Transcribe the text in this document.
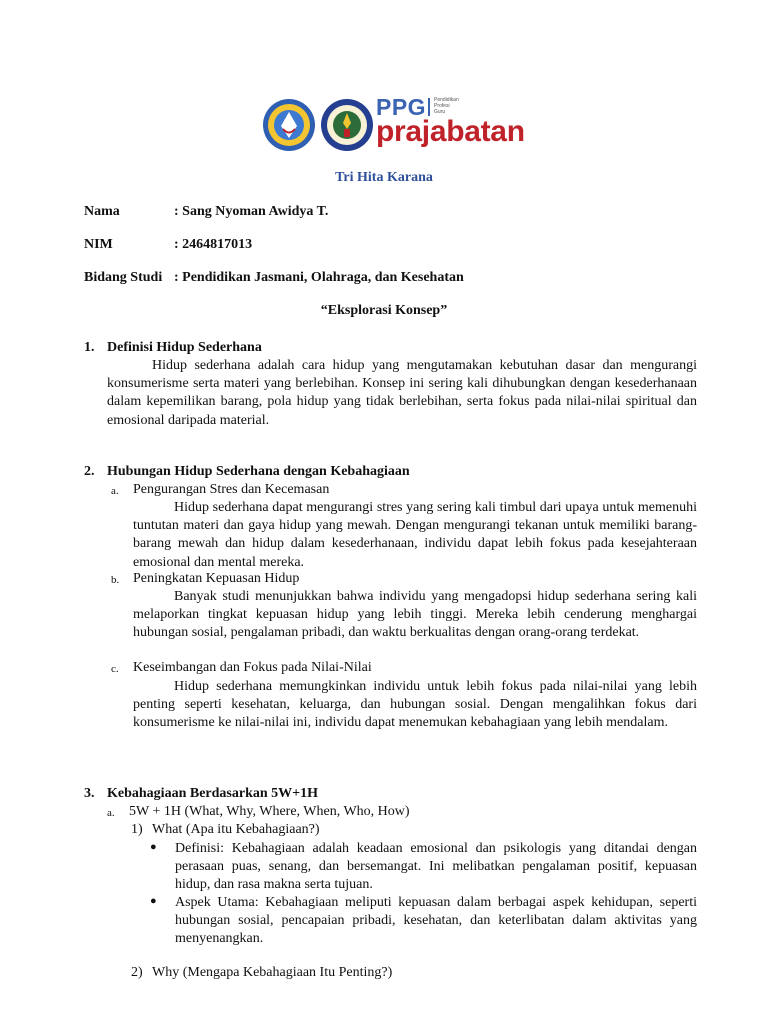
PPG Pendidikan
Profesi
Guru
prajabatan
Tri Hita Karana
Nama	: Sang Nyoman Awidya T.
NIM	: 2464817013
Bidang Studi : Pendidikan Jasmani, Olahraga, dan Kesehatan
“Eksplorasi Konsep”
1. Definisi Hidup Sederhana
Hidup sederhana adalah cara hidup yang mengutamakan kebutuhan dasar dan mengurangi konsumerisme serta materi yang berlebihan. Konsep ini sering kali dihubungkan dengan kesederhanaan dalam kepemilikan barang, pola hidup yang tidak berlebihan, serta fokus pada nilai-nilai spiritual dan emosional daripada material.
2. Hubungan Hidup Sederhana dengan Kebahagiaan
a. Pengurangan Stres dan Kecemasan
Hidup sederhana dapat mengurangi stres yang sering kali timbul dari upaya untuk memenuhi tuntutan materi dan gaya hidup yang mewah. Dengan mengurangi tekanan untuk memiliki barang-barang mewah dan hidup dalam kesederhanaan, individu dapat lebih fokus pada kesejahteraan emosional dan mental mereka.
b. Peningkatan Kepuasan Hidup
Banyak studi menunjukkan bahwa individu yang mengadopsi hidup sederhana sering kali melaporkan tingkat kepuasan hidup yang lebih tinggi. Mereka lebih cenderung menghargai hubungan sosial, pengalaman pribadi, dan waktu berkualitas dengan orang-orang terdekat.
c. Keseimbangan dan Fokus pada Nilai-Nilai
Hidup sederhana memungkinkan individu untuk lebih fokus pada nilai-nilai yang lebih penting seperti kesehatan, keluarga, dan hubungan sosial. Dengan mengalihkan fokus dari konsumerisme ke nilai-nilai ini, individu dapat menemukan kebahagiaan yang lebih mendalam.
3. Kebahagiaan Berdasarkan 5W+1H
a. 5W + 1H (What, Why, Where, When, Who, How)
1) What (Apa itu Kebahagiaan?)
● Definisi: Kebahagiaan adalah keadaan emosional dan psikologis yang ditandai dengan perasaan puas, senang, dan bersemangat. Ini melibatkan pengalaman positif, kepuasan hidup, dan rasa makna serta tujuan.
● Aspek Utama: Kebahagiaan meliputi kepuasan dalam berbagai aspek kehidupan, seperti hubungan sosial, pencapaian pribadi, kesehatan, dan keterlibatan dalam aktivitas yang menyenangkan.
2) Why (Mengapa Kebahagiaan Itu Penting?)
